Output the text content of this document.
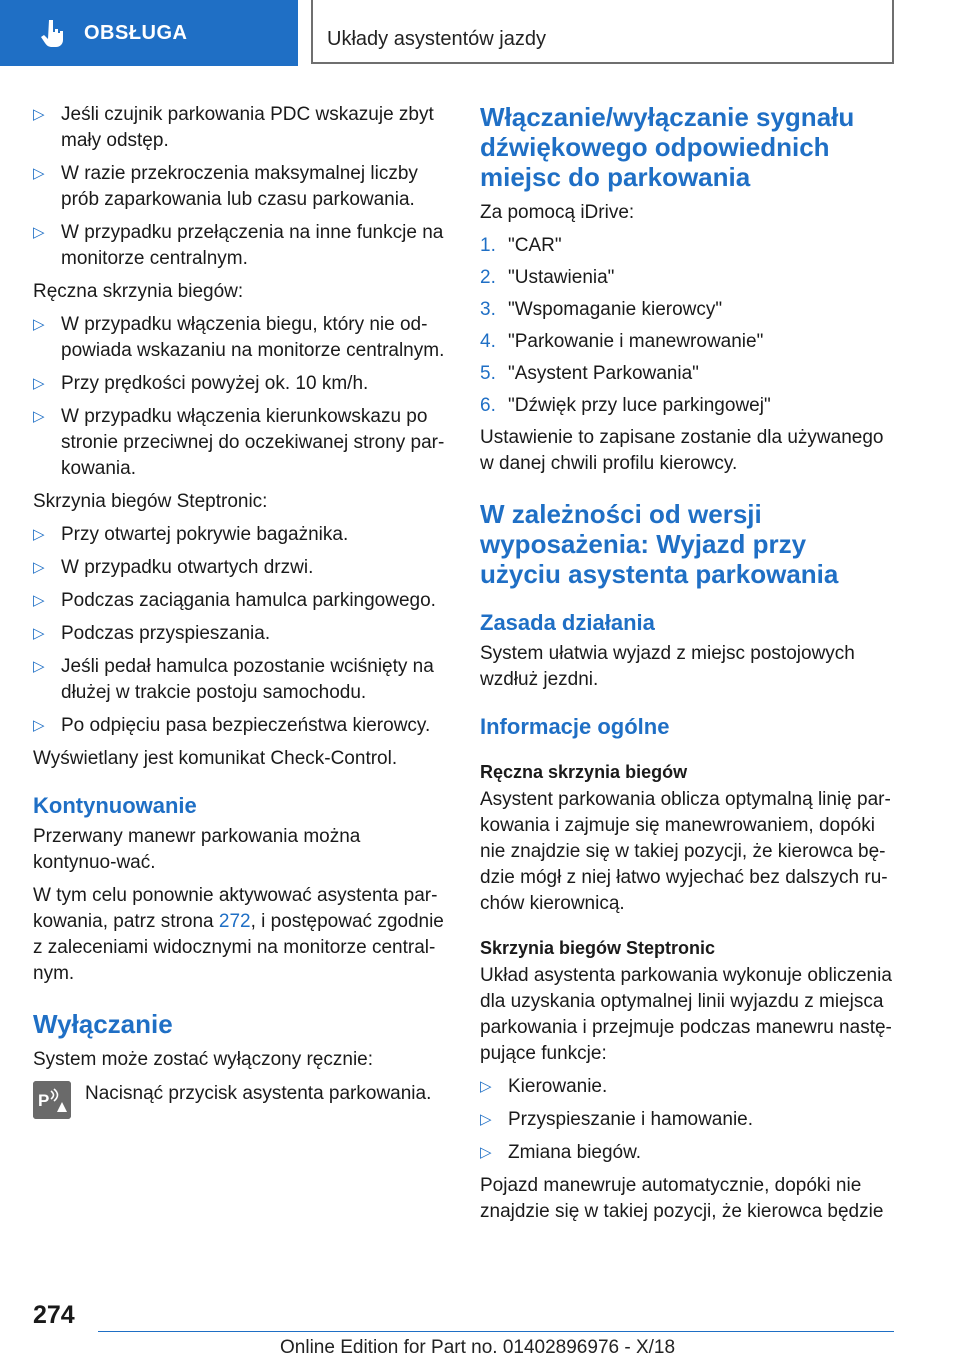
OBSŁUGA	Układy asystentów jazdy
▷ Jeśli czujnik parkowania PDC wskazuje zbyt mały odstęp.
▷ W razie przekroczenia maksymalnej liczby prób zaparkowania lub czasu parkowania.
▷ W przypadku przełączenia na inne funkcje na monitorze centralnym.

Ręczna skrzynia biegów:

▷ W przypadku włączenia biegu, który nie od-powiada wskazaniu na monitorze centralnym.
▷ Przy prędkości powyżej ok. 10 km/h.
▷ W przypadku włączenia kierunkowskazu po stronie przeciwnej do oczekiwanej strony par-kowania.

Skrzynia biegów Steptronic:

▷ Przy otwartej pokrywie bagażnika.
▷ W przypadku otwartych drzwi.
▷ Podczas zaciągania hamulca parkingowego.
▷ Podczas przyspieszania.
▷ Jeśli pedał hamulca pozostanie wciśnięty na dłużej w trakcie postoju samochodu.
▷ Po odpięciu pasa bezpieczeństwa kierowcy.

Wyświetlany jest komunikat Check-Control.

Kontynuowanie

Przerwany manewr parkowania można kontynuo-wać.

W tym celu ponownie aktywować asystenta par-kowania, patrz strona 272, i postępować zgodnie z zaleceniami widocznymi na monitorze central-nym.

Wyłączanie

System może zostać wyłączony ręcznie:

P Nacisnąć przycisk asystenta parkowania.
Włączanie/wyłączanie sygnału dźwiękowego odpowiednich miejsc do parkowania

Za pomocą iDrive:

1. "CAR"
2. "Ustawienia"
3. "Wspomaganie kierowcy"
4. "Parkowanie i manewrowanie"
5. "Asystent Parkowania"
6. "Dźwięk przy luce parkingowej"

Ustawienie to zapisane zostanie dla używanego w danej chwili profilu kierowcy.

W zależności od wersji wyposażenia: Wyjazd przy użyciu asystenta parkowania
Zasada działania

System ułatwia wyjazd z miejsc postojowych wzdłuż jezdni.

Informacje ogólne
Ręczna skrzynia biegów

Asystent parkowania oblicza optymalną linię par-kowania i zajmuje się manewrowaniem, dopóki nie znajdzie się w takiej pozycji, że kierowca bę-dzie mógł z niej łatwo wyjechać bez dalszych ru-chów kierownicą.

Skrzynia biegów Steptronic

Układ asystenta parkowania wykonuje obliczenia dla uzyskania optymalnej linii wyjazdu z miejsca parkowania i przejmuje podczas manewru nastę-pujące funkcje:

▷ Kierowanie.
▷ Przyspieszanie i hamowanie.
▷ Zmiana biegów.

Pojazd manewruje automatycznie, dopóki nie znajdzie się w takiej pozycji, że kierowca będzie

274
Online Edition for Part no. 01402896976 - X/18
